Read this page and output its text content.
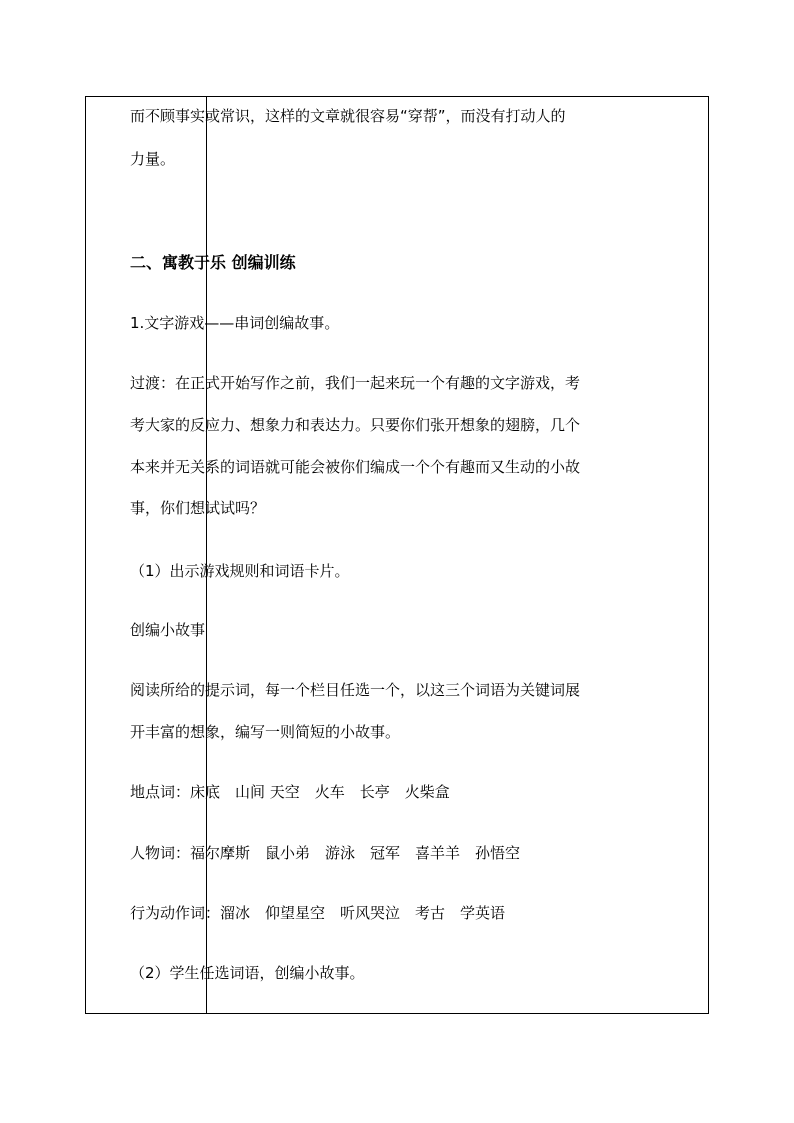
而不顾事实或常识，这样的文章就很容易“穿帮”，而没有打动人的
力量。
二、寓教于乐 创编训练
1.文字游戏——串词创编故事。
过渡：在正式开始写作之前，我们一起来玩一个有趣的文字游戏，考
考大家的反应力、想象力和表达力。只要你们张开想象的翅膀，几个
本来并无关系的词语就可能会被你们编成一个个有趣而又生动的小故
事，你们想试试吗？
（1）出示游戏规则和词语卡片。
创编小故事
阅读所给的提示词，每一个栏目任选一个，以这三个词语为关键词展
开丰富的想象，编写一则简短的小故事。
地点词：床底　山间 天空　火车　长亭　火柴盒
人物词：福尔摩斯　鼠小弟　游泳　冠军　喜羊羊　孙悟空
行为动作词：溜冰　仰望星空　听风哭泣　考古　学英语
（2）学生任选词语，创编小故事。
